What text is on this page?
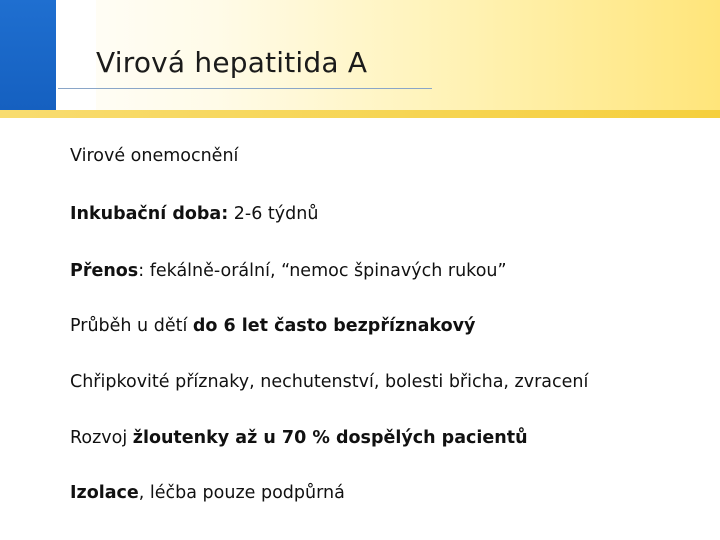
Virová hepatitida A
Virové onemocnění
Inkubační doba: 2-6 týdnů
Přenos: fekálně-orální, “nemoc špinavých rukou”
Průběh u dětí do 6 let často bezpříznakový
Chřipkovité příznaky, nechutenství, bolesti břicha, zvracení
Rozvoj žloutenky až u 70 % dospělých pacientů
Izolace, léčba pouze podpůrná
